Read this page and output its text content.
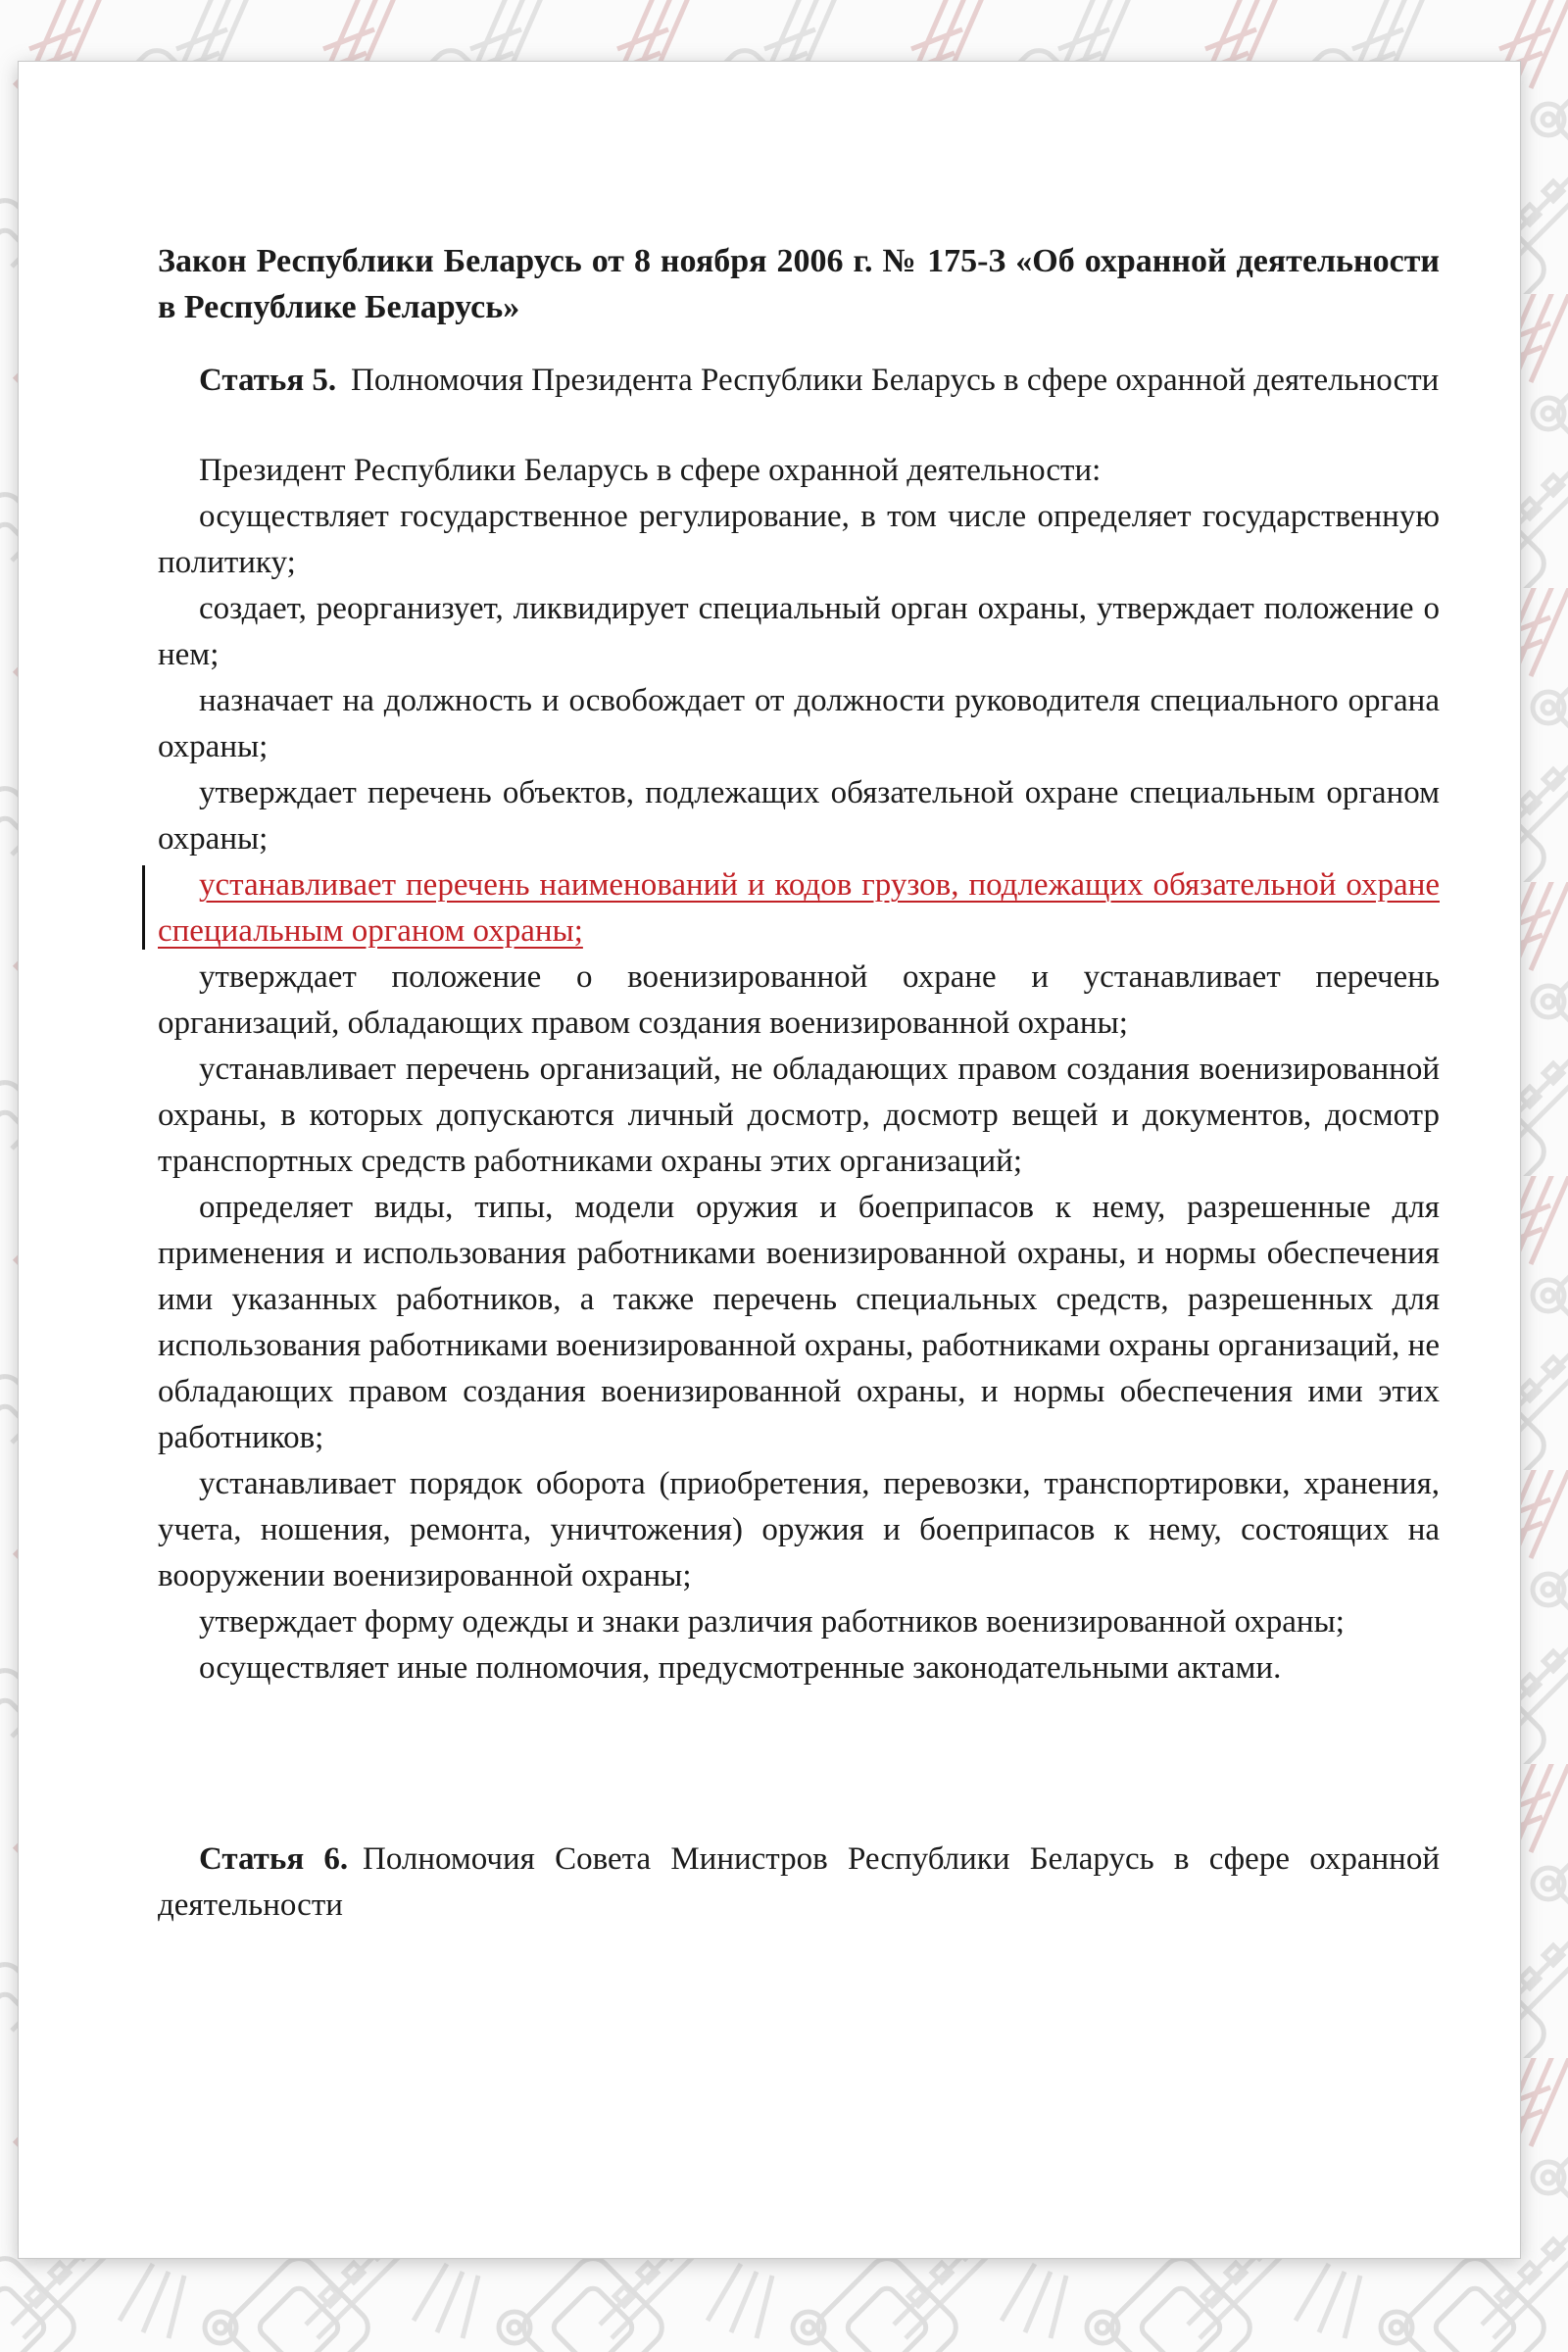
Закон Республики Беларусь от 8 ноября 2006 г. № 175-З «Об охранной деятельности в Республике Беларусь»

Статья 5. Полномочия Президента Республики Беларусь в сфере охранной деятельности

Президент Республики Беларусь в сфере охранной деятельности:

осуществляет государственное регулирование, в том числе определяет государственную политику;

создает, реорганизует, ликвидирует специальный орган охраны, утверждает положение о нем;

назначает на должность и освобождает от должности руководителя специального органа охраны;

утверждает перечень объектов, подлежащих обязательной охране специальным органом охраны;

устанавливает перечень наименований и кодов грузов, подлежащих обязательной охране специальным органом охраны;

утверждает положение о военизированной охране и устанавливает перечень организаций, обладающих правом создания военизированной охраны;

устанавливает перечень организаций, не обладающих правом создания военизированной охраны, в которых допускаются личный досмотр, досмотр вещей и документов, досмотр транспортных средств работниками охраны этих организаций;

определяет виды, типы, модели оружия и боеприпасов к нему, разрешенные для применения и использования работниками военизированной охраны, и нормы обеспечения ими указанных работников, а также перечень специальных средств, разрешенных для использования работниками военизированной охраны, работниками охраны организаций, не обладающих правом создания военизированной охраны, и нормы обеспечения ими этих работников;

устанавливает порядок оборота (приобретения, перевозки, транспортировки, хранения, учета, ношения, ремонта, уничтожения) оружия и боеприпасов к нему, состоящих на вооружении военизированной охраны;

утверждает форму одежды и знаки различия работников военизированной охраны;

осуществляет иные полномочия, предусмотренные законодательными актами.

Статья 6. Полномочия Совета Министров Республики Беларусь в сфере охранной деятельности
